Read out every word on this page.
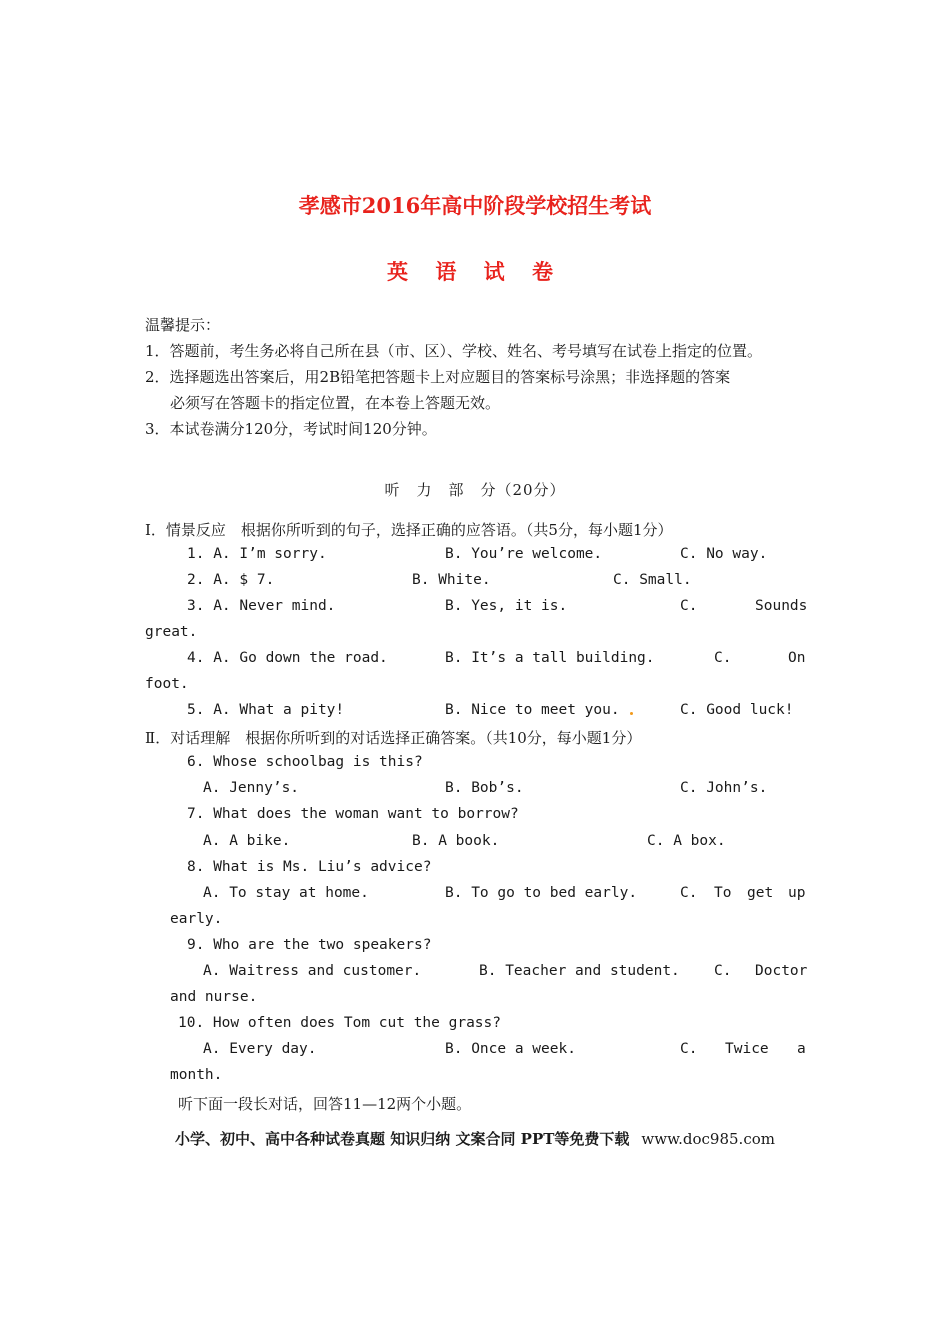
孝感市2016年高中阶段学校招生考试
英 语 试 卷
温馨提示：
1．答题前，考生务必将自己所在县（市、区）、学校、姓名、考号填写在试卷上指定的位置。
2．选择题选出答案后，用2B铅笔把答题卡上对应题目的答案标号涂黑；非选择题的答案
必须写在答题卡的指定位置，在本卷上答题无效。
3．本试卷满分120分，考试时间120分钟。
听　力　部　分（20分）
Ⅰ．情景反应　根据你所听到的句子，选择正确的应答语。（共5分，每小题1分）
1. A. I’m sorry.	B. You’re welcome.	C. No way.
2. A. $ 7.	B. White.	C. Small.
3. A. Never mind.	B. Yes, it is.	C.	Sounds
great.
4. A. Go down the road.	B. It’s a tall building.	C.	On
foot.
5. A. What a pity!	B. Nice to meet you.	C. Good luck!
Ⅱ．对话理解　根据你所听到的对话选择正确答案。（共10分，每小题1分）
6. Whose schoolbag is this?
A. Jenny’s.	B. Bob’s.	C. John’s.
7. What does the woman want to borrow?
A. A bike.	B. A book.	C. A box.
8. What is Ms. Liu’s advice?
A. To stay at home.	B. To go to bed early.	C. To get up
early.
9. Who are the two speakers?
A. Waitress and customer.	B. Teacher and student. C. Doctor
and nurse.
10. How often does Tom cut the grass?
A. Every day.	B. Once a week.	C. Twice a
month.
听下面一段长对话，回答11—12两个小题。
小学、初中、高中各种试卷真题 知识归纳 文案合同 PPT等免费下载 www.doc985.com
